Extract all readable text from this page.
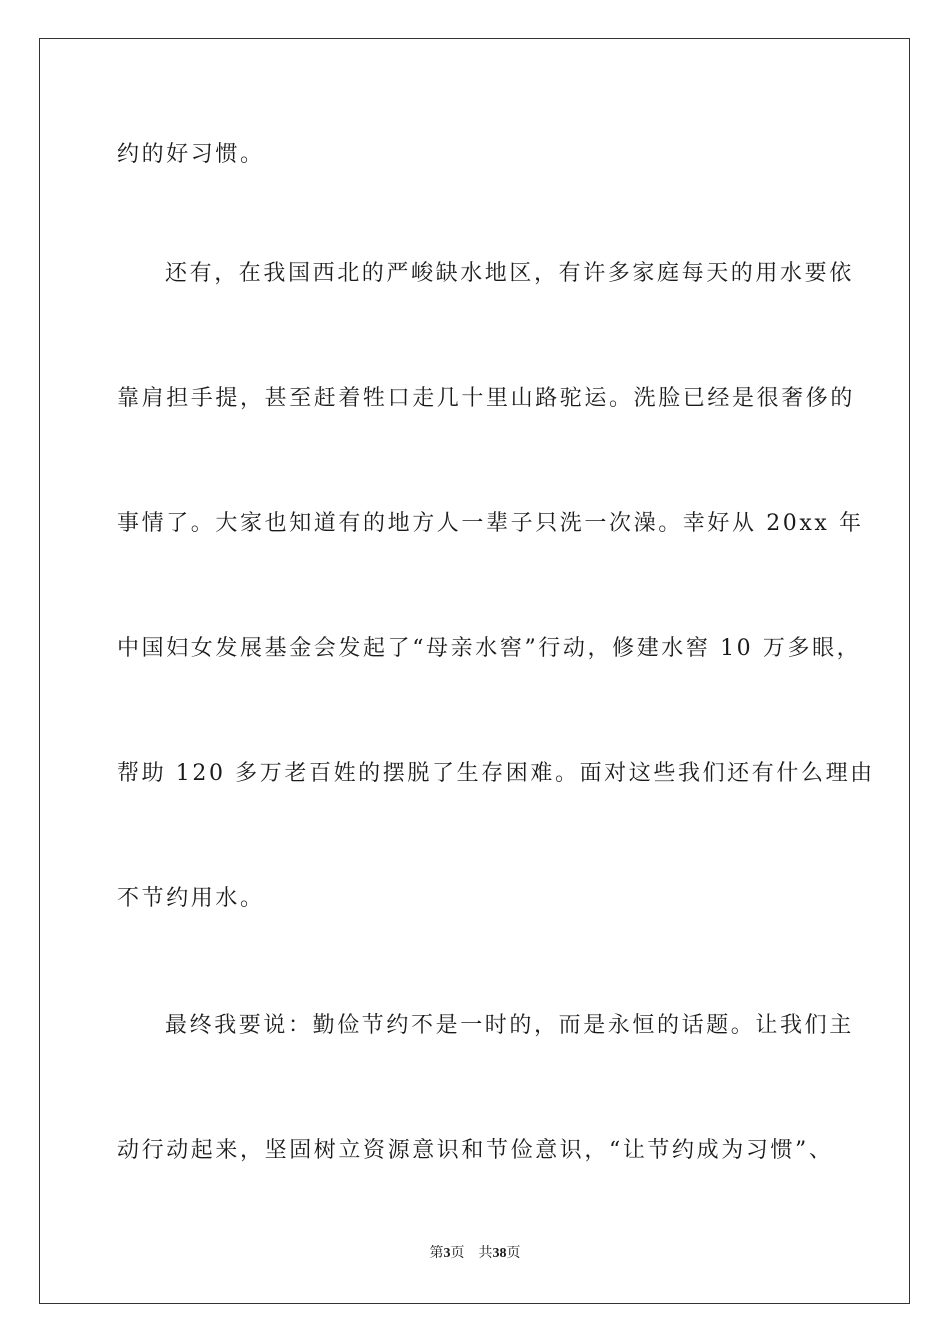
约的好习惯。
还有，在我国西北的严峻缺水地区，有许多家庭每天的用水要依
靠肩担手提，甚至赶着牲口走几十里山路驼运。洗脸已经是很奢侈的
事情了。大家也知道有的地方人一辈子只洗一次澡。幸好从 20xx 年
中国妇女发展基金会发起了“母亲水窖”行动，修建水窖 10 万多眼，
帮助 120 多万老百姓的摆脱了生存困难。面对这些我们还有什么理由
不节约用水。
最终我要说：勤俭节约不是一时的，而是永恒的话题。让我们主
动行动起来，坚固树立资源意识和节俭意识，“让节约成为习惯”、
第3页 共38页
